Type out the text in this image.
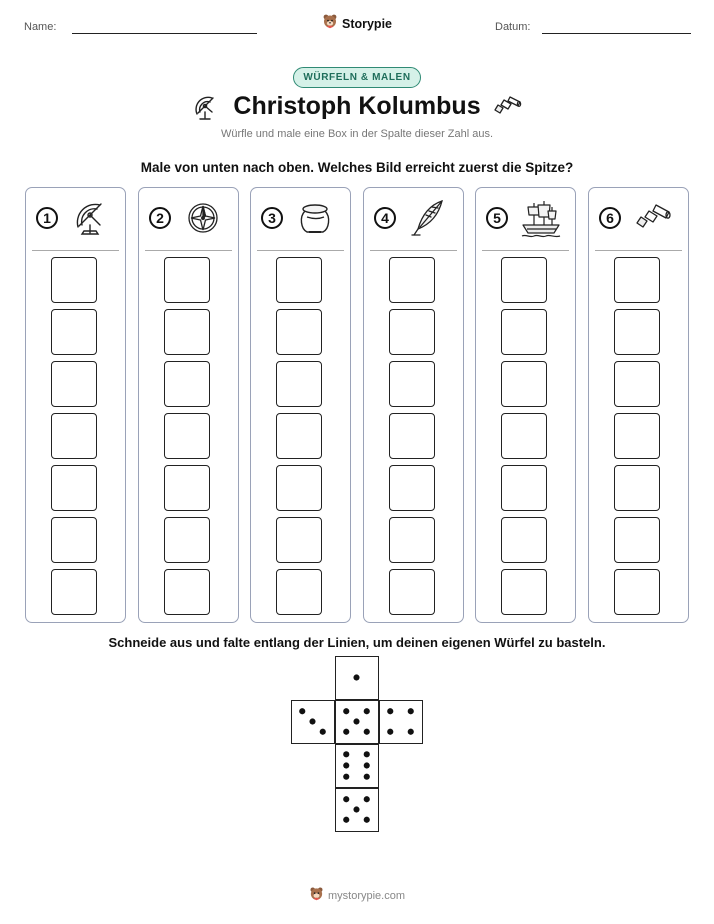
Name:	Storypie	Datum:
WÜRFELN & MALEN
Christoph Kolumbus
Würfle und male eine Box in der Spalte dieser Zahl aus.
Male von unten nach oben. Welches Bild erreicht zuerst die Spitze?
1	2	3	4	5	6
Schneide aus und falte entlang der Linien, um deinen eigenen Würfel zu basteln.
mystorypie.com
